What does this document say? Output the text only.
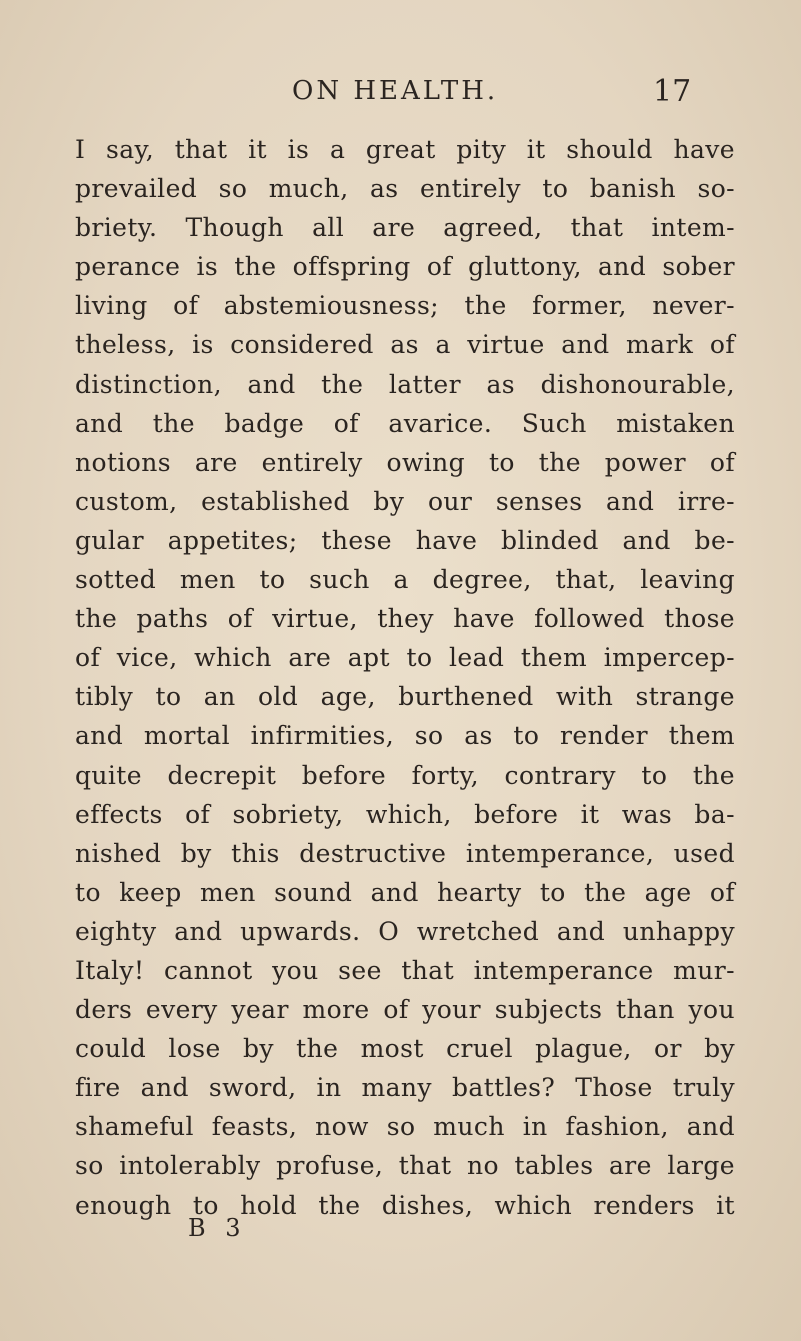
ON HEALTH.	17
I say, that it is a great pity it should have
prevailed so much, as entirely to banish so-
briety. Though all are agreed, that intem-
perance is the offspring of gluttony, and sober
living of abstemiousness; the former, never-
theless, is considered as a virtue and mark of
distinction, and the latter as dishonourable,
and the badge of avarice. Such mistaken
notions are entirely owing to the power of
custom, established by our senses and irre-
gular appetites; these have blinded and be-
sotted men to such a degree, that, leaving
the paths of virtue, they have followed those
of vice, which are apt to lead them impercep-
tibly to an old age, burthened with strange
and mortal infirmities, so as to render them
quite decrepit before forty, contrary to the
effects of sobriety, which, before it was ba-
nished by this destructive intemperance, used
to keep men sound and hearty to the age of
eighty and upwards. O wretched and unhappy
Italy! cannot you see that intemperance mur-
ders every year more of your subjects than you
could lose by the most cruel plague, or by
fire and sword, in many battles? Those truly
shameful feasts, now so much in fashion, and
so intolerably profuse, that no tables are large
enough to hold the dishes, which renders it
B 3
